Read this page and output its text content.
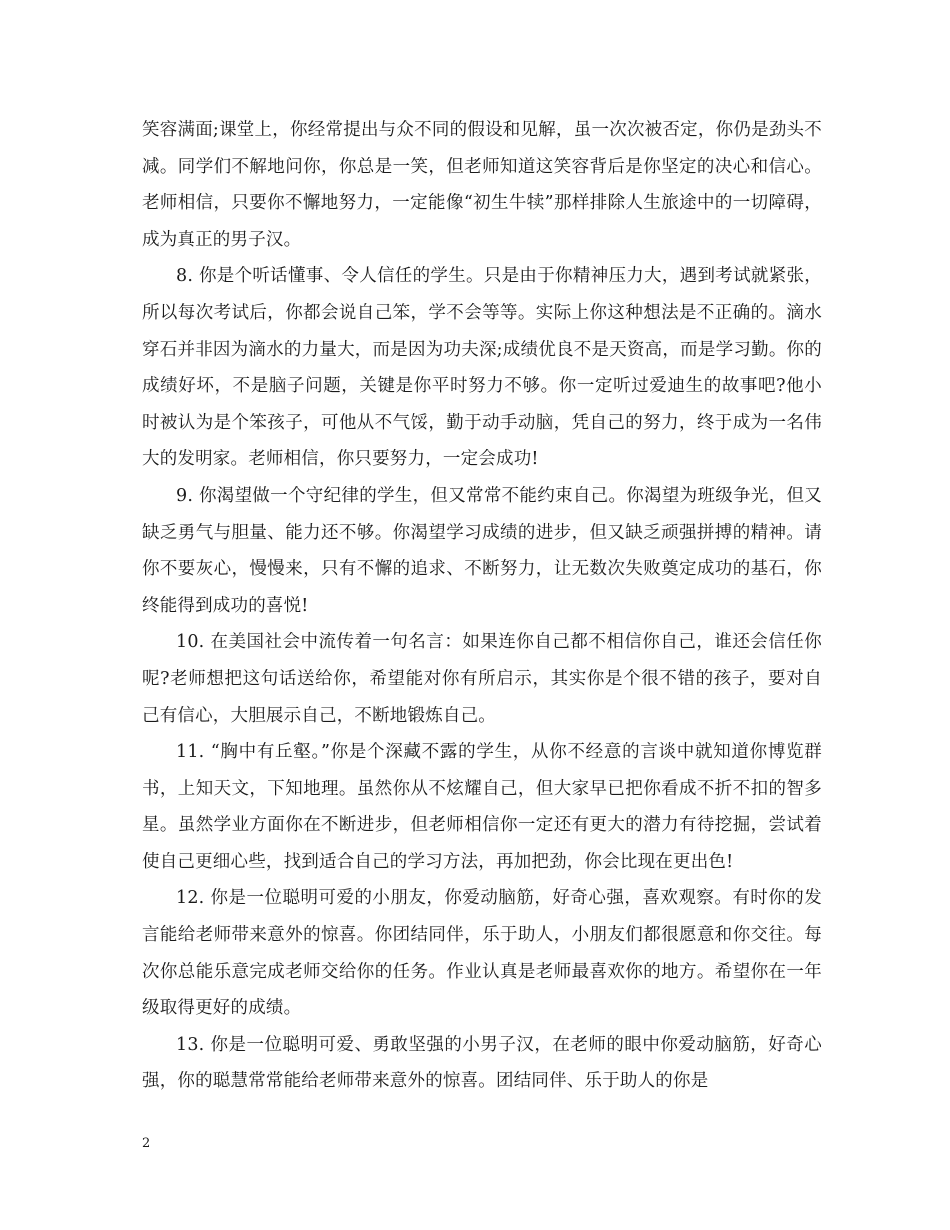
笑容满面;课堂上，你经常提出与众不同的假设和见解，虽一次次被否定，你仍是劲头不减。同学们不解地问你，你总是一笑，但老师知道这笑容背后是你坚定的决心和信心。老师相信，只要你不懈地努力，一定能像“初生牛犊”那样排除人生旅途中的一切障碍，成为真正的男子汉。

8. 你是个听话懂事、令人信任的学生。只是由于你精神压力大，遇到考试就紧张，所以每次考试后，你都会说自己笨，学不会等等。实际上你这种想法是不正确的。滴水穿石并非因为滴水的力量大，而是因为功夫深;成绩优良不是天资高，而是学习勤。你的成绩好坏，不是脑子问题，关键是你平时努力不够。你一定听过爱迪生的故事吧?他小时被认为是个笨孩子，可他从不气馁，勤于动手动脑，凭自己的努力，终于成为一名伟大的发明家。老师相信，你只要努力，一定会成功!

9. 你渴望做一个守纪律的学生，但又常常不能约束自己。你渴望为班级争光，但又缺乏勇气与胆量、能力还不够。你渴望学习成绩的进步，但又缺乏顽强拼搏的精神。请你不要灰心，慢慢来，只有不懈的追求、不断努力，让无数次失败奠定成功的基石，你终能得到成功的喜悦!

10. 在美国社会中流传着一句名言：如果连你自己都不相信你自己，谁还会信任你呢?老师想把这句话送给你，希望能对你有所启示，其实你是个很不错的孩子，要对自己有信心，大胆展示自己，不断地锻炼自己。

11. “胸中有丘壑。”你是个深藏不露的学生，从你不经意的言谈中就知道你博览群书，上知天文，下知地理。虽然你从不炫耀自己，但大家早已把你看成不折不扣的智多星。虽然学业方面你在不断进步，但老师相信你一定还有更大的潜力有待挖掘，尝试着使自己更细心些，找到适合自己的学习方法，再加把劲，你会比现在更出色!

12. 你是一位聪明可爱的小朋友，你爱动脑筋，好奇心强，喜欢观察。有时你的发言能给老师带来意外的惊喜。你团结同伴，乐于助人，小朋友们都很愿意和你交往。每次你总能乐意完成老师交给你的任务。作业认真是老师最喜欢你的地方。希望你在一年级取得更好的成绩。

13. 你是一位聪明可爱、勇敢坚强的小男子汉，在老师的眼中你爱动脑筋，好奇心强，你的聪慧常常能给老师带来意外的惊喜。团结同伴、乐于助人的你是

2
